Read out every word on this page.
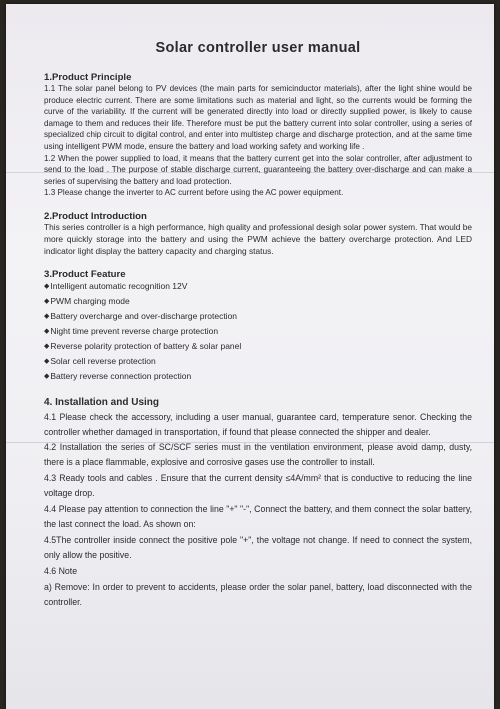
Solar controller user manual
1.Product Principle

1.1 The solar panel belong to PV devices (the main parts for semicinductor materials), after the light shine would be produce electric current. There are some limitations such as material and light, so the currents would be forming the curve of the variability. If the current will be generated directly into load or directly supplied power, is likely to cause damage to them and reduces their life. Therefore must be put the battery current into solar controller, using a series of specialized chip circuit to digital control, and enter into multistep charge and discharge protection, and at the same time using intelligent PWM mode, ensure the battery and load working safety and working life .

1.2 When the power supplied to load, it means that the battery current get into the solar controller, after adjustment to send to the load . The purpose of stable discharge current, guaranteeing the battery over-discharge and can make a series of supervising the battery and load protection.

1.3 Please change the inverter to AC current before using the AC power equipment.

2.Product Introduction

This series controller is a high performance, high quality and professional desigh solar power system. That would be more quickly storage into the battery and using the PWM achieve the battery overcharge protection. And LED indicator light display the battery capacity and charging status.

3.Product Feature
◆ Intelligent automatic recognition 12V
◆ PWM charging mode
◆ Battery overcharge and over-discharge protection
◆ Night time prevent reverse charge protection
◆ Reverse polarity protection of battery & solar panel
◆ Solar cell reverse protection
◆ Battery reverse connection protection
4. Installation and Using

4.1 Please check the accessory, including a user manual, guarantee card, temperature senor. Checking the controller whether damaged in transportation, if found that please connected the shipper and dealer.

4.2 Installation the series of SC/SCF series must in the ventilation environment, please avoid damp, dusty, there is a place flammable, explosive and corrosive gases use the controller to install.

4.3 Ready tools and cables . Ensure that the current density ≤4A/mm² that is conductive to reducing the line voltage drop.

4.4 Please pay attention to connection the line "+" "-", Connect the battery, and them connect the solar battery, the last connect the load. As shown on:

4.5The controller inside connect the positive pole "+", the voltage not change. If need to connect the system, only allow the positive.

4.6 Note

a) Remove: In order to prevent to accidents, please order the solar panel, battery, load disconnected with the controller.
